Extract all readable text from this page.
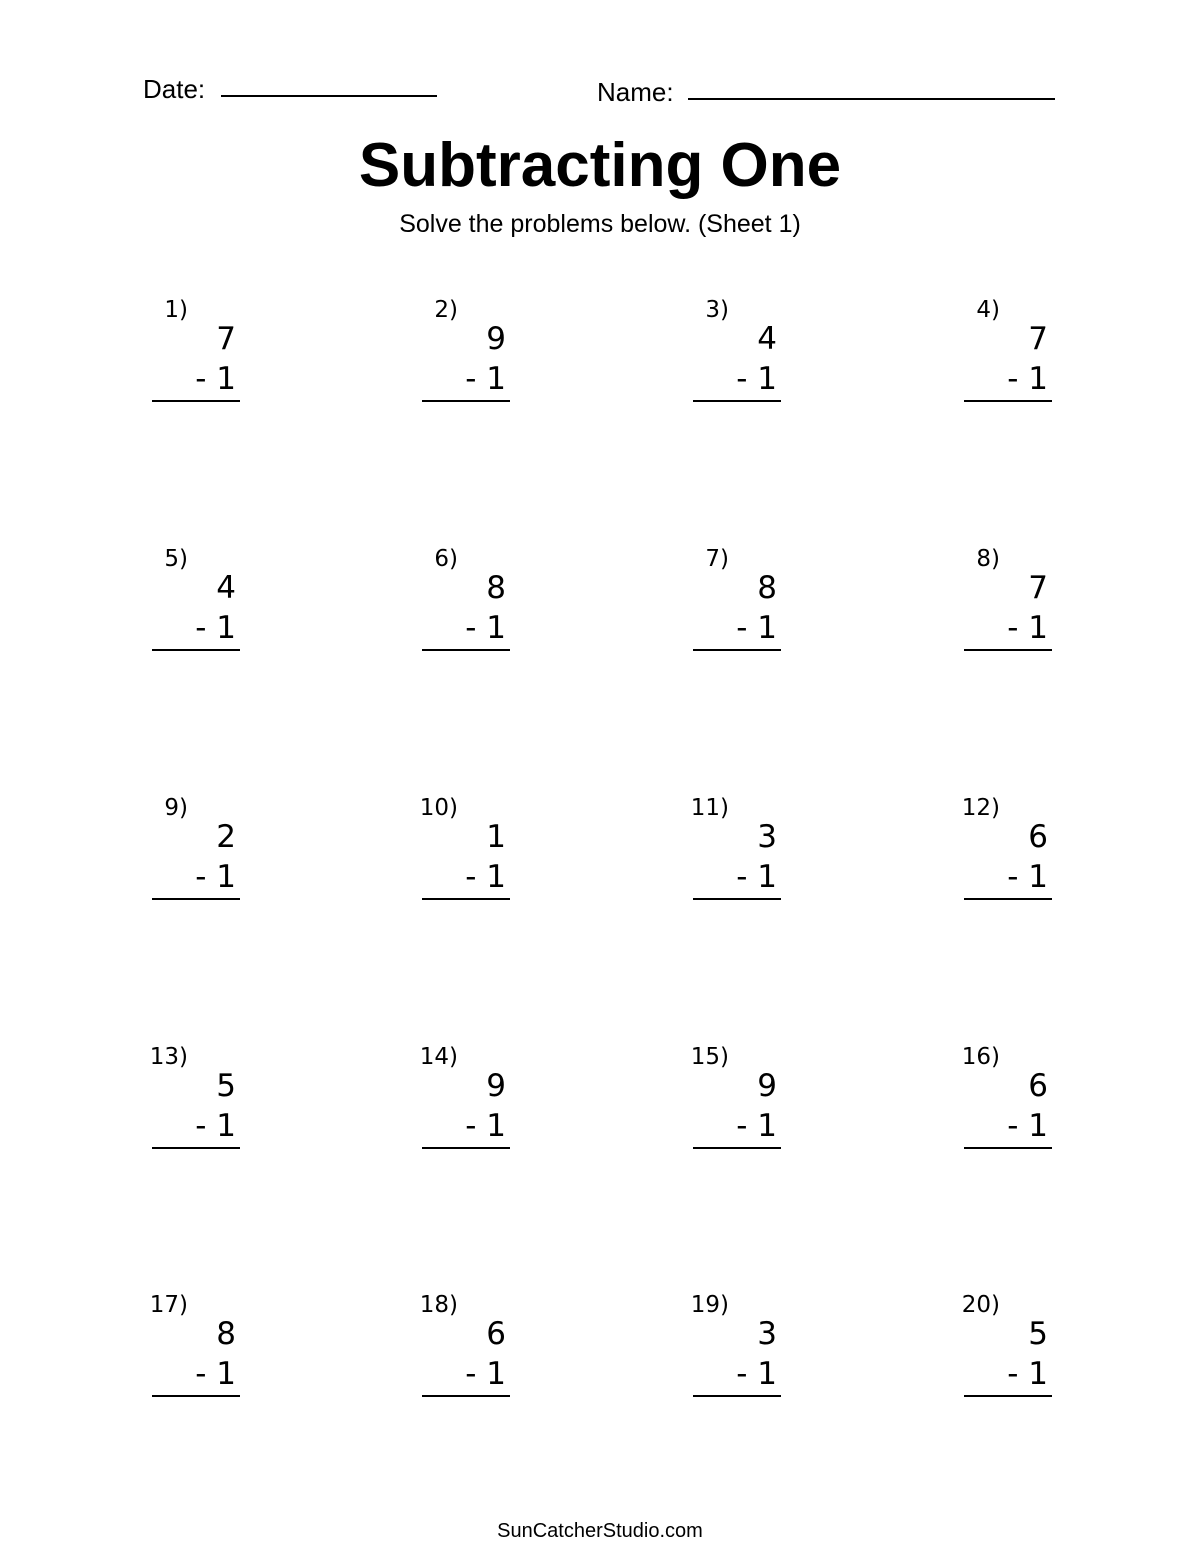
Date:	Name:
Subtracting One
Solve the problems below. (Sheet 1)
1)
7
- 1
2)
9
- 1
3)
4
- 1
4)
7
- 1
5)
4
- 1
6)
8
- 1
7)
8
- 1
8)
7
- 1
9)
2
- 1
10)
1
- 1
11)
3
- 1
12)
6
- 1
13)
5
- 1
14)
9
- 1
15)
9
- 1
16)
6
- 1
17)
8
- 1
18)
6
- 1
19)
3
- 1
20)
5
- 1
SunCatcherStudio.com
